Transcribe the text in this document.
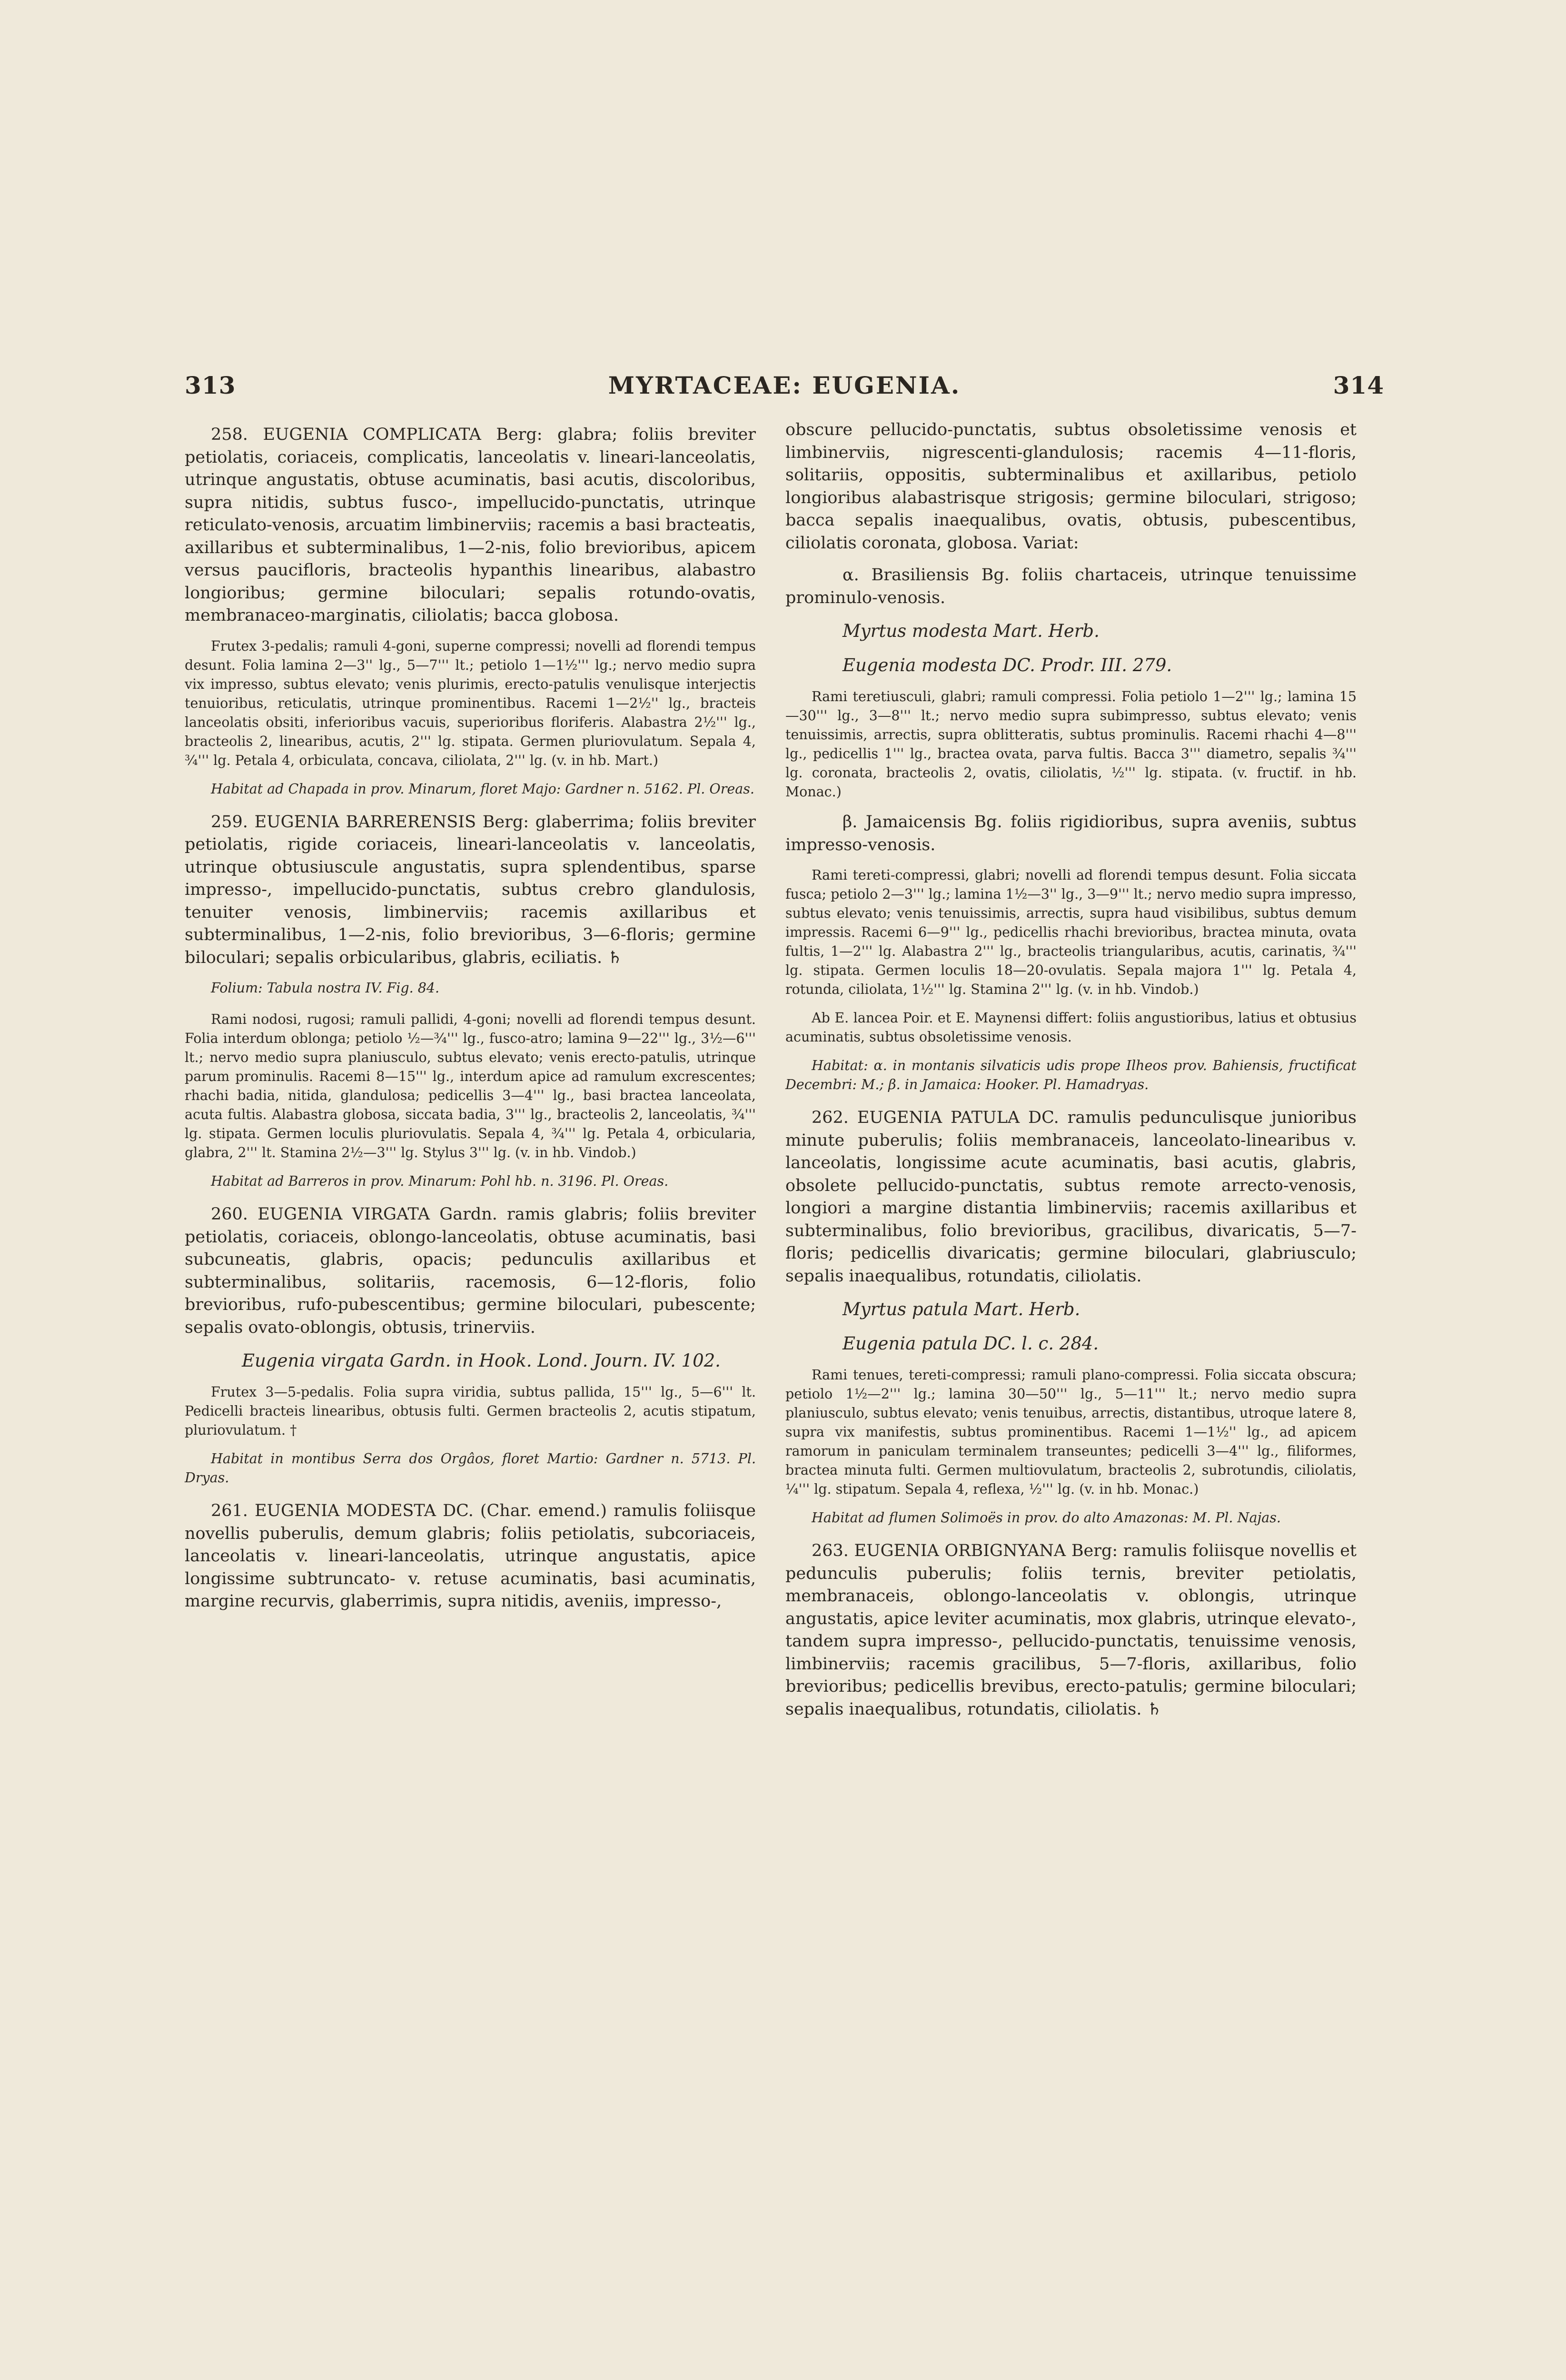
313	MYRTACEAE: EUGENIA.	314

258. EUGENIA COMPLICATA Berg: glabra; foliis breviter petiolatis, coriaceis, complicatis, lanceolatis v. lineari-lanceolatis, utrinque angustatis, obtuse acuminatis, basi acutis, discoloribus, supra nitidis, subtus fusco-, impellucido-punctatis, utrinque reticulato-venosis, arcuatim limbinerviis; racemis a basi bracteatis, axillaribus et subterminalibus, 1—2-nis, folio brevioribus, apicem versus paucifloris, bracteolis hypanthis linearibus, alabastro longioribus; germine biloculari; sepalis rotundo-ovatis, membranaceo-marginatis, ciliolatis; bacca globosa.

Frutex 3-pedalis; ramuli 4-goni, superne compressi; novelli ad florendi tempus desunt. Folia lamina 2—3'' lg., 5—7''' lt.; petiolo 1—1½''' lg.; nervo medio supra vix impresso, subtus elevato; venis plurimis, erecto-patulis venulisque interjectis tenuioribus, reticulatis, utrinque prominentibus. Racemi 1—2½'' lg., bracteis lanceolatis obsiti, inferioribus vacuis, superioribus floriferis. Alabastra 2½''' lg., bracteolis 2, linearibus, acutis, 2''' lg. stipata. Germen pluriovulatum. Sepala 4, ¾''' lg. Petala 4, orbiculata, concava, ciliolata, 2''' lg. (v. in hb. Mart.)

Habitat ad Chapada in prov. Minarum, floret Majo: Gardner n. 5162. Pl. Oreas.

259. EUGENIA BARRERENSIS Berg: glaberrima; foliis breviter petiolatis, rigide coriaceis, lineari-lanceolatis v. lanceolatis, utrinque obtusiuscule angustatis, supra splendentibus, sparse impresso-, impellucido-punctatis, subtus crebro glandulosis, tenuiter venosis, limbinerviis; racemis axillaribus et subterminalibus, 1—2-nis, folio brevioribus, 3—6-floris; germine biloculari; sepalis orbicularibus, glabris, eciliatis. ♄

Folium: Tabula nostra IV. Fig. 84.

Rami nodosi, rugosi; ramuli pallidi, 4-goni; novelli ad florendi tempus desunt. Folia interdum oblonga; petiolo ½—¾''' lg., fusco-atro; lamina 9—22''' lg., 3½—6''' lt.; nervo medio supra planiusculo, subtus elevato; venis erecto-patulis, utrinque parum prominulis. Racemi 8—15''' lg., interdum apice ad ramulum excrescentes; rhachi badia, nitida, glandulosa; pedicellis 3—4''' lg., basi bractea lanceolata, acuta fultis. Alabastra globosa, siccata badia, 3''' lg., bracteolis 2, lanceolatis, ¾''' lg. stipata. Germen loculis pluriovulatis. Sepala 4, ¾''' lg. Petala 4, orbicularia, glabra, 2''' lt. Stamina 2½—3''' lg. Stylus 3''' lg. (v. in hb. Vindob.)

Habitat ad Barreros in prov. Minarum: Pohl hb. n. 3196. Pl. Oreas.

260. EUGENIA VIRGATA Gardn. ramis glabris; foliis breviter petiolatis, coriaceis, oblongo-lanceolatis, obtuse acuminatis, basi subcuneatis, glabris, opacis; pedunculis axillaribus et subterminalibus, solitariis, racemosis, 6—12-floris, folio brevioribus, rufo-pubescentibus; germine biloculari, pubescente; sepalis ovato-oblongis, obtusis, trinerviis.

Eugenia virgata Gardn. in Hook. Lond. Journ. IV. 102.

Frutex 3—5-pedalis. Folia supra viridia, subtus pallida, 15''' lg., 5—6''' lt. Pedicelli bracteis linearibus, obtusis fulti. Germen bracteolis 2, acutis stipatum, pluriovulatum. †

Habitat in montibus Serra dos Orgâos, floret Martio: Gardner n. 5713. Pl. Dryas.

261. EUGENIA MODESTA DC. (Char. emend.) ramulis foliisque novellis puberulis, demum glabris; foliis petiolatis, subcoriaceis, lanceolatis v. lineari-lanceolatis, utrinque angustatis, apice longissime subtruncato- v. retuse acuminatis, basi acuminatis, margine recurvis, glaberrimis, supra nitidis, aveniis, impresso-,

obscure pellucido-punctatis, subtus obsoletissime venosis et limbinerviis, nigrescenti-glandulosis; racemis 4—11-floris, solitariis, oppositis, subterminalibus et axillaribus, petiolo longioribus alabastrisque strigosis; germine biloculari, strigoso; bacca sepalis inaequalibus, ovatis, obtusis, pubescentibus, ciliolatis coronata, globosa. Variat:

α. Brasiliensis Bg. foliis chartaceis, utrinque tenuissime prominulo-venosis.

Myrtus modesta Mart. Herb.

Eugenia modesta DC. Prodr. III. 279.

Rami teretiusculi, glabri; ramuli compressi. Folia petiolo 1—2''' lg.; lamina 15—30''' lg., 3—8''' lt.; nervo medio supra subimpresso, subtus elevato; venis tenuissimis, arrectis, supra oblitteratis, subtus prominulis. Racemi rhachi 4—8''' lg., pedicellis 1''' lg., bractea ovata, parva fultis. Bacca 3''' diametro, sepalis ¾''' lg. coronata, bracteolis 2, ovatis, ciliolatis, ½''' lg. stipata. (v. fructif. in hb. Monac.)

β. Jamaicensis Bg. foliis rigidioribus, supra aveniis, subtus impresso-venosis.

Rami tereti-compressi, glabri; novelli ad florendi tempus desunt. Folia siccata fusca; petiolo 2—3''' lg.; lamina 1½—3'' lg., 3—9''' lt.; nervo medio supra impresso, subtus elevato; venis tenuissimis, arrectis, supra haud visibilibus, subtus demum impressis. Racemi 6—9''' lg., pedicellis rhachi brevioribus, bractea minuta, ovata fultis, 1—2''' lg. Alabastra 2''' lg., bracteolis triangularibus, acutis, carinatis, ¾''' lg. stipata. Germen loculis 18—20-ovulatis. Sepala majora 1''' lg. Petala 4, rotunda, ciliolata, 1½''' lg. Stamina 2''' lg. (v. in hb. Vindob.)

Ab E. lancea Poir. et E. Maynensi differt: foliis angustioribus, latius et obtusius acuminatis, subtus obsoletissime venosis.

Habitat: α. in montanis silvaticis udis prope Ilheos prov. Bahiensis, fructificat Decembri: M.; β. in Jamaica: Hooker. Pl. Hamadryas.

262. EUGENIA PATULA DC. ramulis pedunculisque junioribus minute puberulis; foliis membranaceis, lanceolato-linearibus v. lanceolatis, longissime acute acuminatis, basi acutis, glabris, obsolete pellucido-punctatis, subtus remote arrecto-venosis, longiori a margine distantia limbinerviis; racemis axillaribus et subterminalibus, folio brevioribus, gracilibus, divaricatis, 5—7-floris; pedicellis divaricatis; germine biloculari, glabriusculo; sepalis inaequalibus, rotundatis, ciliolatis.

Myrtus patula Mart. Herb.

Eugenia patula DC. l. c. 284.

Rami tenues, tereti-compressi; ramuli plano-compressi. Folia siccata obscura; petiolo 1½—2''' lg.; lamina 30—50''' lg., 5—11''' lt.; nervo medio supra planiusculo, subtus elevato; venis tenuibus, arrectis, distantibus, utroque latere 8, supra vix manifestis, subtus prominentibus. Racemi 1—1½'' lg., ad apicem ramorum in paniculam terminalem transeuntes; pedicelli 3—4''' lg., filiformes, bractea minuta fulti. Germen multiovulatum, bracteolis 2, subrotundis, ciliolatis, ¼''' lg. stipatum. Sepala 4, reflexa, ½''' lg. (v. in hb. Monac.)

Habitat ad flumen Solimoës in prov. do alto Amazonas: M. Pl. Najas.

263. EUGENIA ORBIGNYANA Berg: ramulis foliisque novellis et pedunculis puberulis; foliis ternis, breviter petiolatis, membranaceis, oblongo-lanceolatis v. oblongis, utrinque angustatis, apice leviter acuminatis, mox glabris, utrinque elevato-, tandem supra impresso-, pellucido-punctatis, tenuissime venosis, limbinerviis; racemis gracilibus, 5—7-floris, axillaribus, folio brevioribus; pedicellis brevibus, erecto-patulis; germine biloculari; sepalis inaequalibus, rotundatis, ciliolatis. ♄
